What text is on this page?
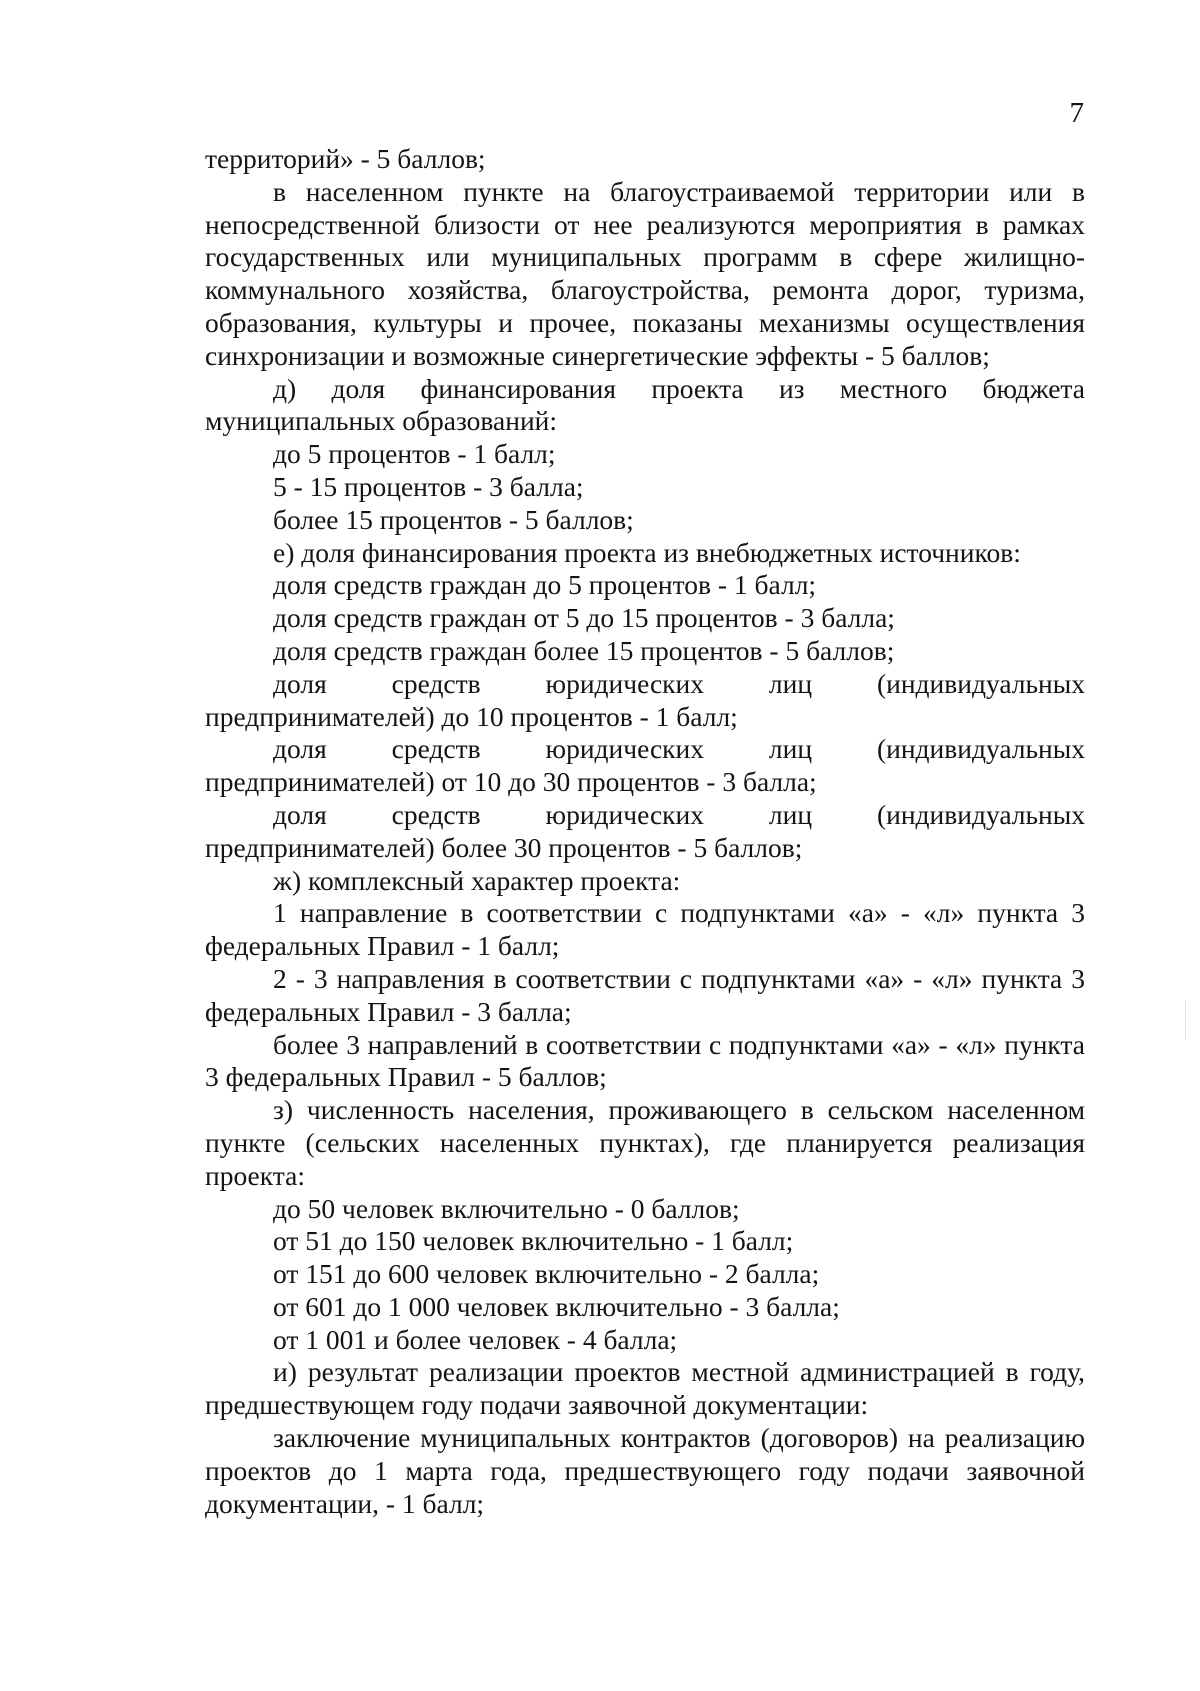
7

территорий» - 5 баллов;

в населенном пункте на благоустраиваемой территории или в непосредственной близости от нее реализуются мероприятия в рамках государственных или муниципальных программ в сфере жилищно-коммунального хозяйства, благоустройства, ремонта дорог, туризма, образования, культуры и прочее, показаны механизмы осуществления синхронизации и возможные синергетические эффекты - 5 баллов;

д) доля финансирования проекта из местного бюджета муниципальных образований:

до 5 процентов - 1 балл;

5 - 15 процентов - 3 балла;

более 15 процентов - 5 баллов;

е) доля финансирования проекта из внебюджетных источников:

доля средств граждан до 5 процентов - 1 балл;

доля средств граждан от 5 до 15 процентов - 3 балла;

доля средств граждан более 15 процентов - 5 баллов;

доля средств юридических лиц (индивидуальных предпринимателей) до 10 процентов - 1 балл;

доля средств юридических лиц (индивидуальных предпринимателей) от 10 до 30 процентов - 3 балла;

доля средств юридических лиц (индивидуальных предпринимателей) более 30 процентов - 5 баллов;

ж) комплексный характер проекта:

1 направление в соответствии с подпунктами «а» - «л» пункта 3 федеральных Правил - 1 балл;

2 - 3 направления в соответствии с подпунктами «а» - «л» пункта 3 федеральных Правил - 3 балла;

более 3 направлений в соответствии с подпунктами «а» - «л» пункта 3 федеральных Правил - 5 баллов;

з) численность населения, проживающего в сельском населенном пункте (сельских населенных пунктах), где планируется реализация проекта:

до 50 человек включительно - 0 баллов;

от 51 до 150 человек включительно - 1 балл;

от 151 до 600 человек включительно - 2 балла;

от 601 до 1 000 человек включительно - 3 балла;

от 1 001 и более человек - 4 балла;

и) результат реализации проектов местной администрацией в году, предшествующем году подачи заявочной документации:

заключение муниципальных контрактов (договоров) на реализацию проектов до 1 марта года, предшествующего году подачи заявочной документации, - 1 балл;
